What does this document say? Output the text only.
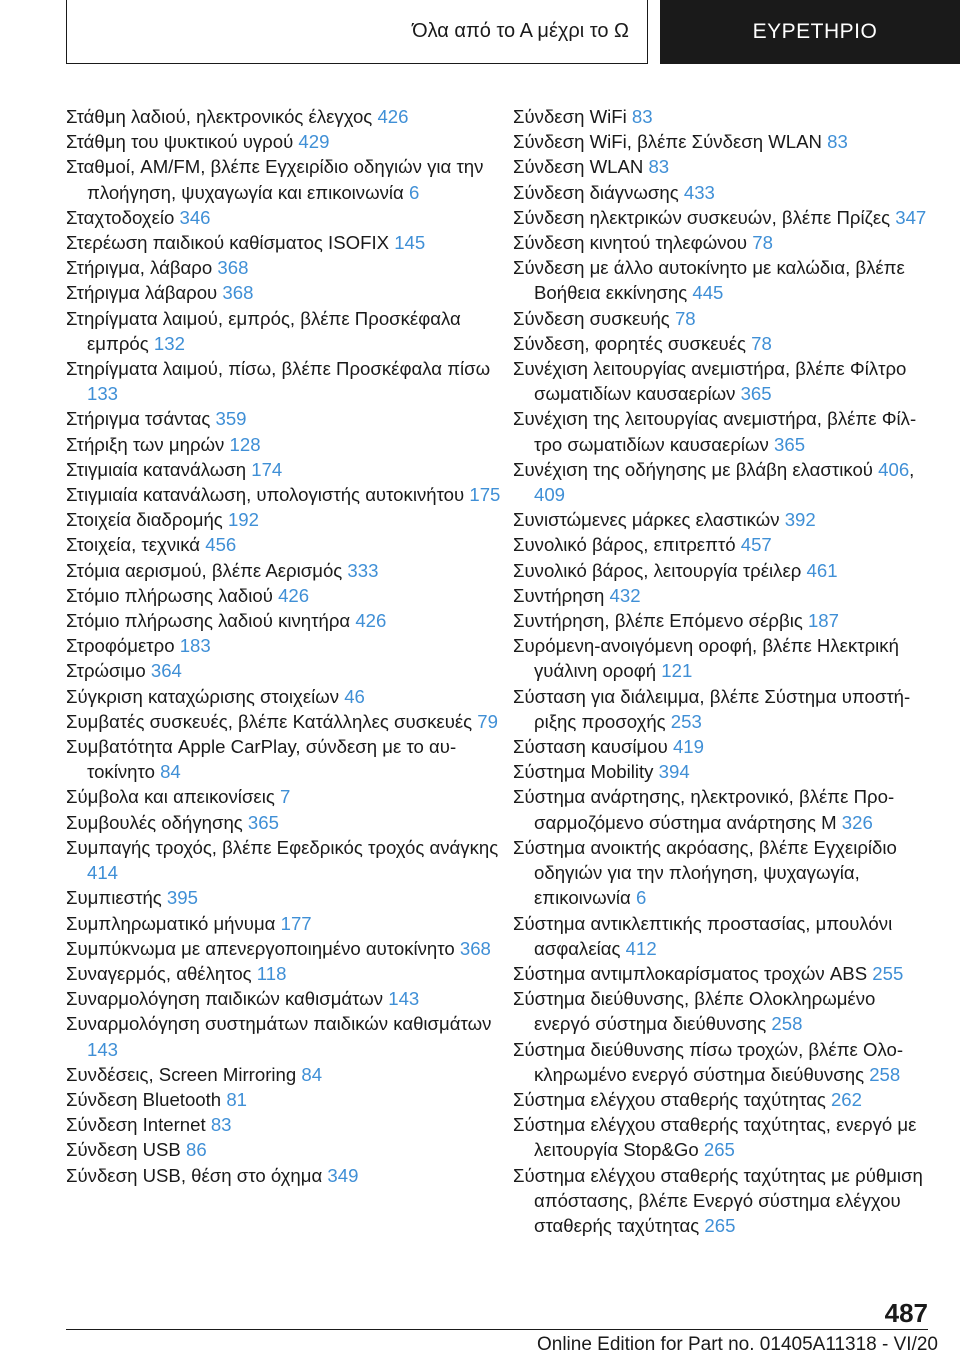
Όλα από το Α μέχρι το Ω	ΕΥΡΕΤΗΡΙΟ
Στάθμη λαδιού, ηλεκτρονικός έλεγχος 426
Στάθμη του ψυκτικού υγρού 429
Σταθμοί, AM/FM, βλέπε Εγχειρίδιο οδηγιών για την πλοήγηση, ψυχαγωγία και επικοινωνία 6
Σταχτοδοχείο 346
Στερέωση παιδικού καθίσματος ISOFIX 145
Στήριγμα, λάβαρο 368
Στήριγμα λάβαρου 368
Στηρίγματα λαιμού, εμπρός, βλέπε Προσκέφαλα εμπρός 132
Στηρίγματα λαιμού, πίσω, βλέπε Προσκέφαλα πίσω 133
Στήριγμα τσάντας 359
Στήριξη των μηρών 128
Στιγμιαία κατανάλωση 174
Στιγμιαία κατανάλωση, υπολογιστής αυτοκινήτου 175
Στοιχεία διαδρομής 192
Στοιχεία, τεχνικά 456
Στόμια αερισμού, βλέπε Αερισμός 333
Στόμιο πλήρωσης λαδιού 426
Στόμιο πλήρωσης λαδιού κινητήρα 426
Στροφόμετρο 183
Στρώσιμο 364
Σύγκριση καταχώρισης στοιχείων 46
Συμβατές συσκευές, βλέπε Κατάλληλες συσκευές 79
Συμβατότητα Apple CarPlay, σύνδεση με το αυτοκίνητο 84
Σύμβολα και απεικονίσεις 7
Συμβουλές οδήγησης 365
Συμπαγής τροχός, βλέπε Εφεδρικός τροχός ανάγκης 414
Συμπιεστής 395
Συμπληρωματικό μήνυμα 177
Συμπύκνωμα με απενεργοποιημένο αυτοκίνητο 368
Συναγερμός, αθέλητος 118
Συναρμολόγηση παιδικών καθισμάτων 143
Συναρμολόγηση συστημάτων παιδικών καθισμάτων 143
Συνδέσεις, Screen Mirroring 84
Σύνδεση Bluetooth 81
Σύνδεση Internet 83
Σύνδεση USB 86
Σύνδεση USB, θέση στο όχημα 349
Σύνδεση WiFi 83
Σύνδεση WiFi, βλέπε Σύνδεση WLAN 83
Σύνδεση WLAN 83
Σύνδεση διάγνωσης 433
Σύνδεση ηλεκτρικών συσκευών, βλέπε Πρίζες 347
Σύνδεση κινητού τηλεφώνου 78
Σύνδεση με άλλο αυτοκίνητο με καλώδια, βλέπε Βοήθεια εκκίνησης 445
Σύνδεση συσκευής 78
Σύνδεση, φορητές συσκευές 78
Συνέχιση λειτουργίας ανεμιστήρα, βλέπε Φίλτρο σωματιδίων καυσαερίων 365
Συνέχιση της λειτουργίας ανεμιστήρα, βλέπε Φίλτρο σωματιδίων καυσαερίων 365
Συνέχιση της οδήγησης με βλάβη ελαστικού 406, 409
Συνιστώμενες μάρκες ελαστικών 392
Συνολικό βάρος, επιτρεπτό 457
Συνολικό βάρος, λειτουργία τρέιλερ 461
Συντήρηση 432
Συντήρηση, βλέπε Επόμενο σέρβις 187
Συρόμενη-ανοιγόμενη οροφή, βλέπε Ηλεκτρική γυάλινη οροφή 121
Σύσταση για διάλειμμα, βλέπε Σύστημα υποστήριξης προσοχής 253
Σύσταση καυσίμου 419
Σύστημα Mobility 394
Σύστημα ανάρτησης, ηλεκτρονικό, βλέπε Προσαρμοζόμενο σύστημα ανάρτησης M 326
Σύστημα ανοικτής ακρόασης, βλέπε Εγχειρίδιο οδηγιών για την πλοήγηση, ψυχαγωγία, επικοινωνία 6
Σύστημα αντικλεπτικής προστασίας, μπουλόνι ασφαλείας 412
Σύστημα αντιμπλοκαρίσματος τροχών ABS 255
Σύστημα διεύθυνσης, βλέπε Ολοκληρωμένο ενεργό σύστημα διεύθυνσης 258
Σύστημα διεύθυνσης πίσω τροχών, βλέπε Ολοκληρωμένο ενεργό σύστημα διεύθυνσης 258
Σύστημα ελέγχου σταθερής ταχύτητας 262
Σύστημα ελέγχου σταθερής ταχύτητας, ενεργό με λειτουργία Stop&Go 265
Σύστημα ελέγχου σταθερής ταχύτητας με ρύθμιση απόστασης, βλέπε Ενεργό σύστημα ελέγχου σταθερής ταχύτητας 265
487
Online Edition for Part no. 01405A11318 - VI/20
